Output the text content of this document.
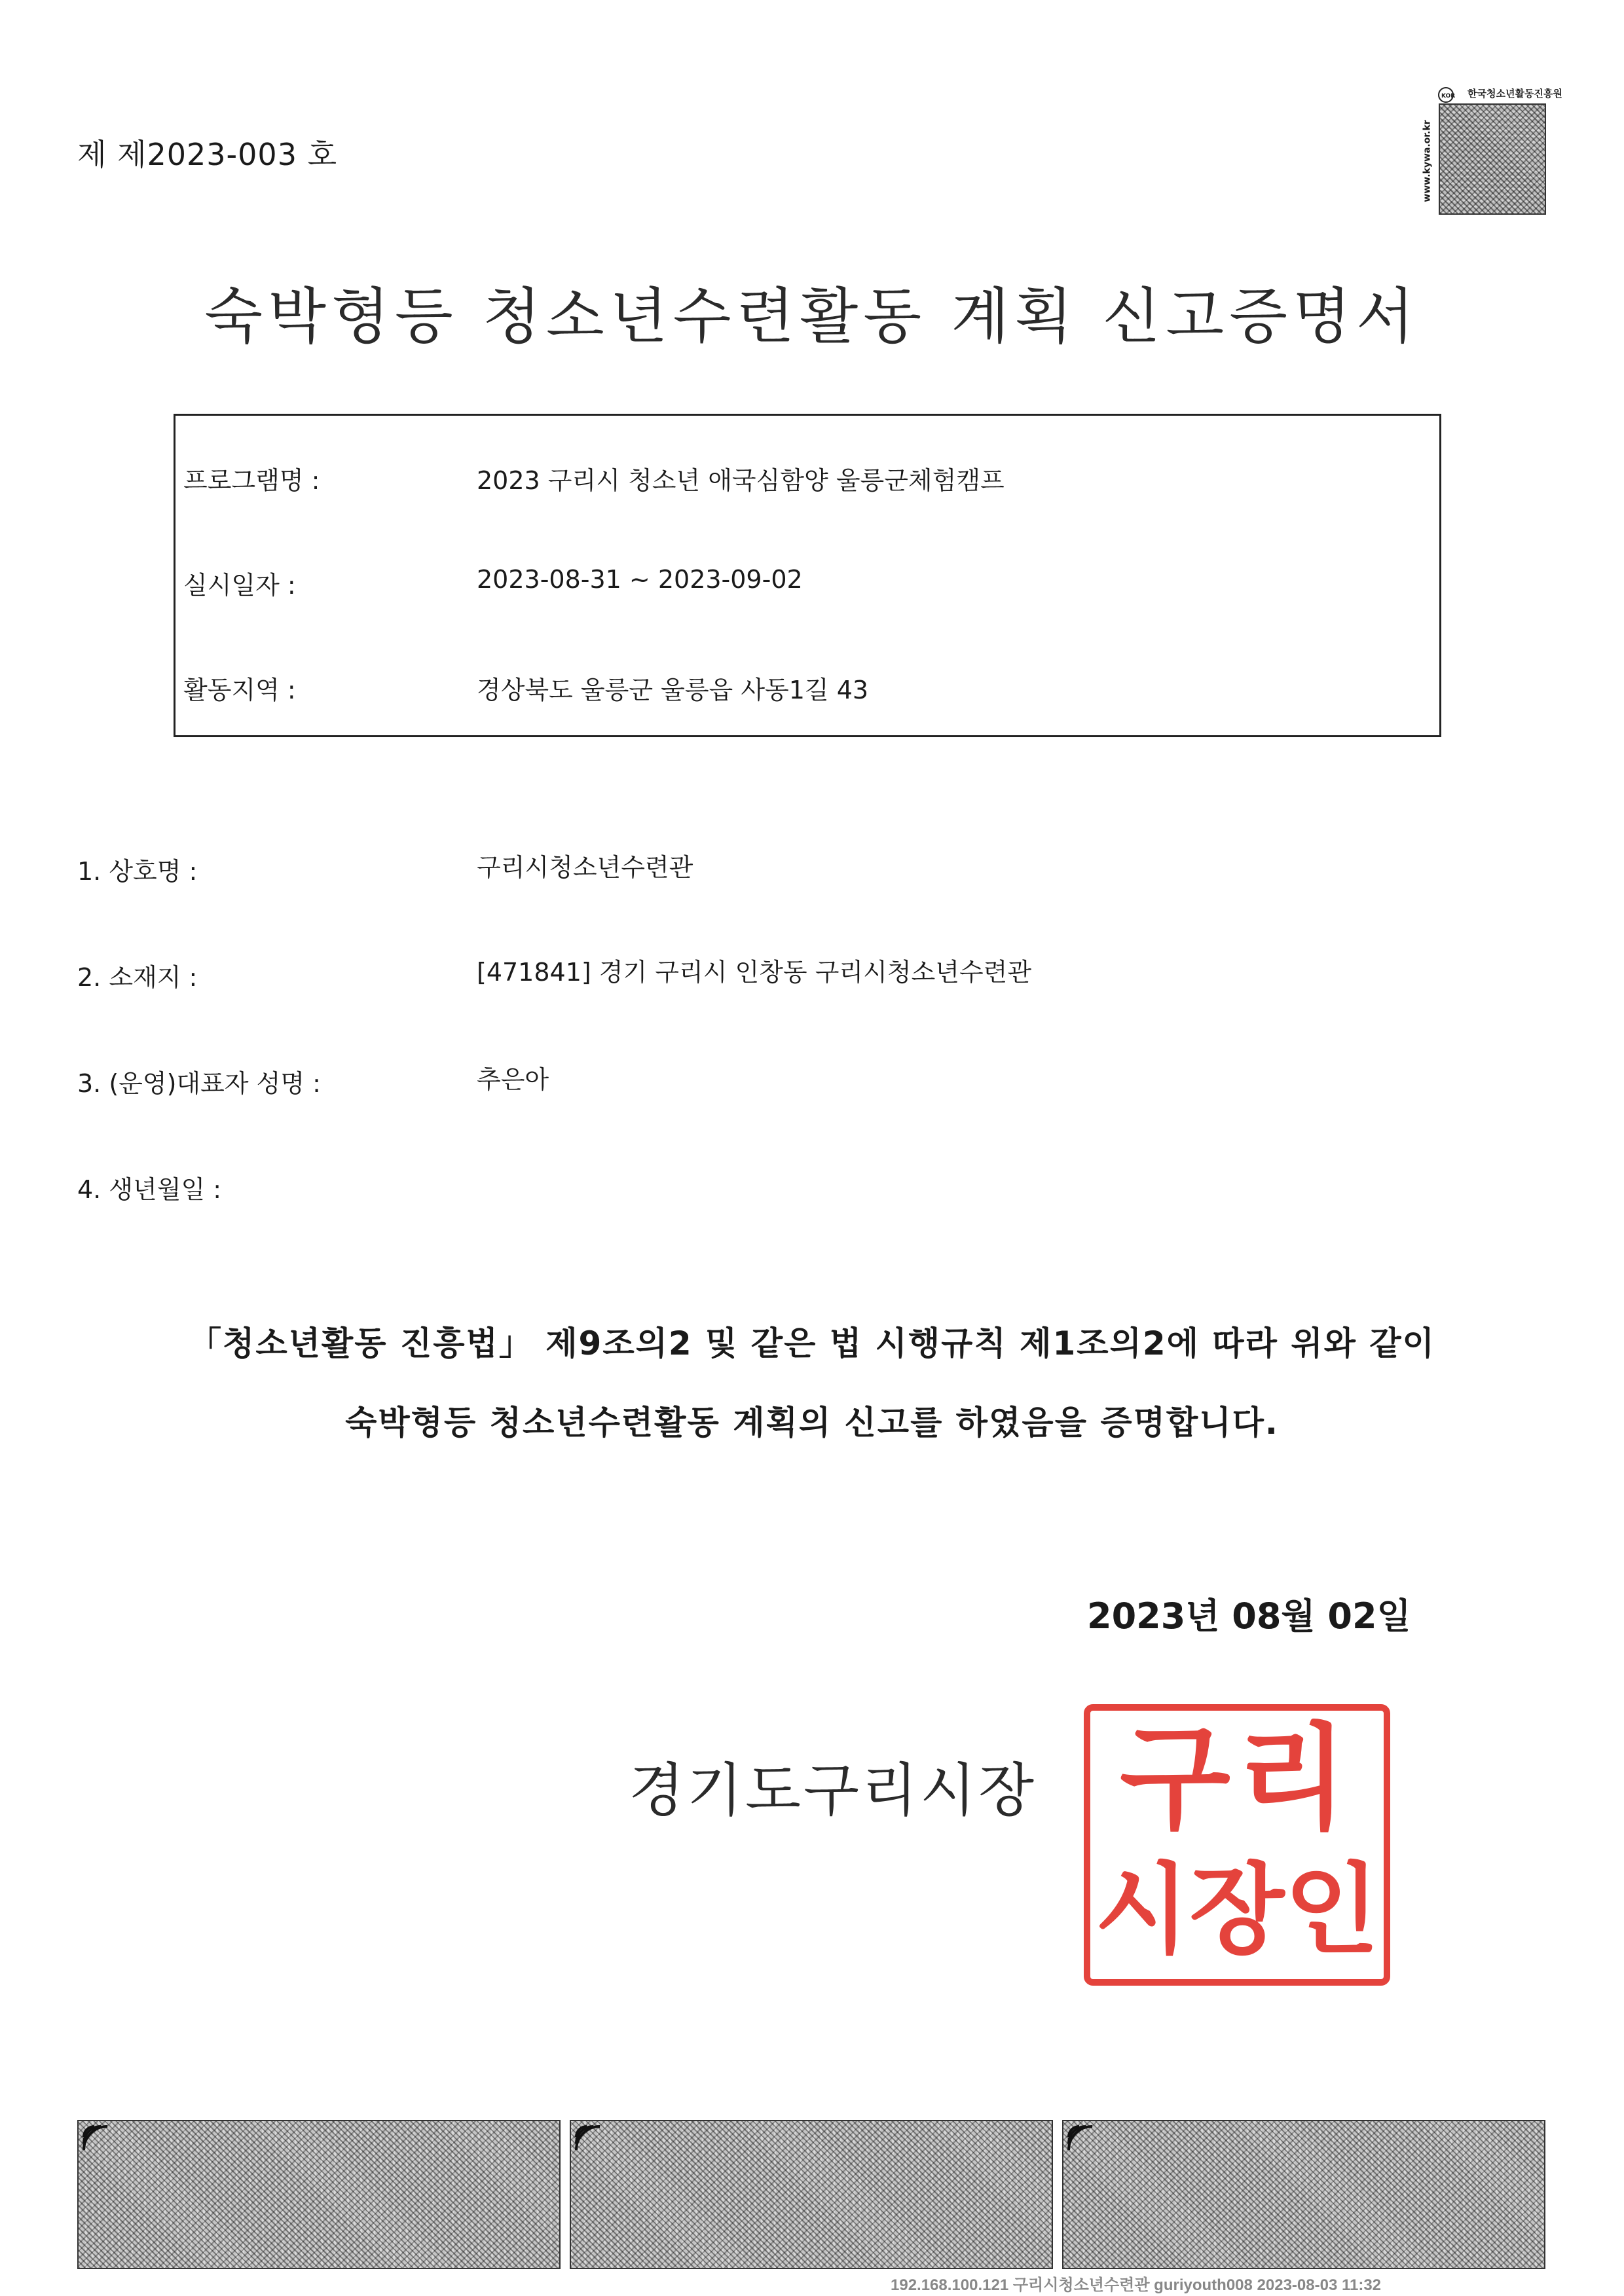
제 제2023-003 호
KOR 한국청소년활동진흥원
www.kywa.or.kr
숙박형등 청소년수련활동 계획 신고증명서
프로그램명 :	2023 구리시 청소년 애국심함양 울릉군체험캠프
실시일자 :	2023-08-31 ~ 2023-09-02
활동지역 :	경상북도 울릉군 울릉읍 사동1길 43
1. 상호명 :	구리시청소년수련관
2. 소재지 :	[471841] 경기 구리시 인창동 구리시청소년수련관
3. (운영)대표자 성명 :	추은아
4. 생년월일 :
「청소년활동 진흥법」 제9조의2 및 같은 법 시행규칙 제1조의2에 따라 위와 같이
숙박형등 청소년수련활동 계획의 신고를 하였음을 증명합니다.
2023년 08월 02일
경기도구리시장 구리
시장인
192.168.100.121 구리시청소년수련관 guriyouth008 2023-08-03 11:32
